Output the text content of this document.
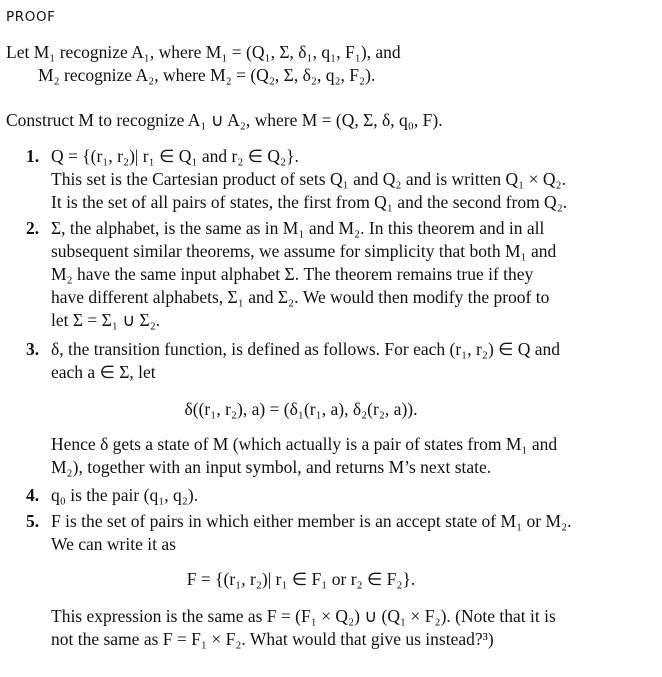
PROOF
Let M₁ recognize A₁, where M₁ = (Q₁, Σ, δ₁, q₁, F₁), and
M₂ recognize A₂, where M₂ = (Q₂, Σ, δ₂, q₂, F₂).
Construct M to recognize A₁ ∪ A₂, where M = (Q, Σ, δ, q₀, F).
1. Q = {(r₁, r₂)| r₁ ∈ Q₁ and r₂ ∈ Q₂}.
This set is the Cartesian product of sets Q₁ and Q₂ and is written Q₁ × Q₂.
It is the set of all pairs of states, the first from Q₁ and the second from Q₂.
2. Σ, the alphabet, is the same as in M₁ and M₂. In this theorem and in all
subsequent similar theorems, we assume for simplicity that both M₁ and
M₂ have the same input alphabet Σ. The theorem remains true if they
have different alphabets, Σ₁ and Σ₂. We would then modify the proof to
let Σ = Σ₁ ∪ Σ₂.
3. δ, the transition function, is defined as follows. For each (r₁, r₂) ∈ Q and
each a ∈ Σ, let
δ((r₁, r₂), a) = (δ₁(r₁, a), δ₂(r₂, a)).
Hence δ gets a state of M (which actually is a pair of states from M₁ and
M₂), together with an input symbol, and returns M’s next state.
4. q₀ is the pair (q₁, q₂).
5. F is the set of pairs in which either member is an accept state of M₁ or M₂.
We can write it as
F = {(r₁, r₂)| r₁ ∈ F₁ or r₂ ∈ F₂}.
This expression is the same as F = (F₁ × Q₂) ∪ (Q₁ × F₂). (Note that it is
not the same as F = F₁ × F₂. What would that give us instead?³)
